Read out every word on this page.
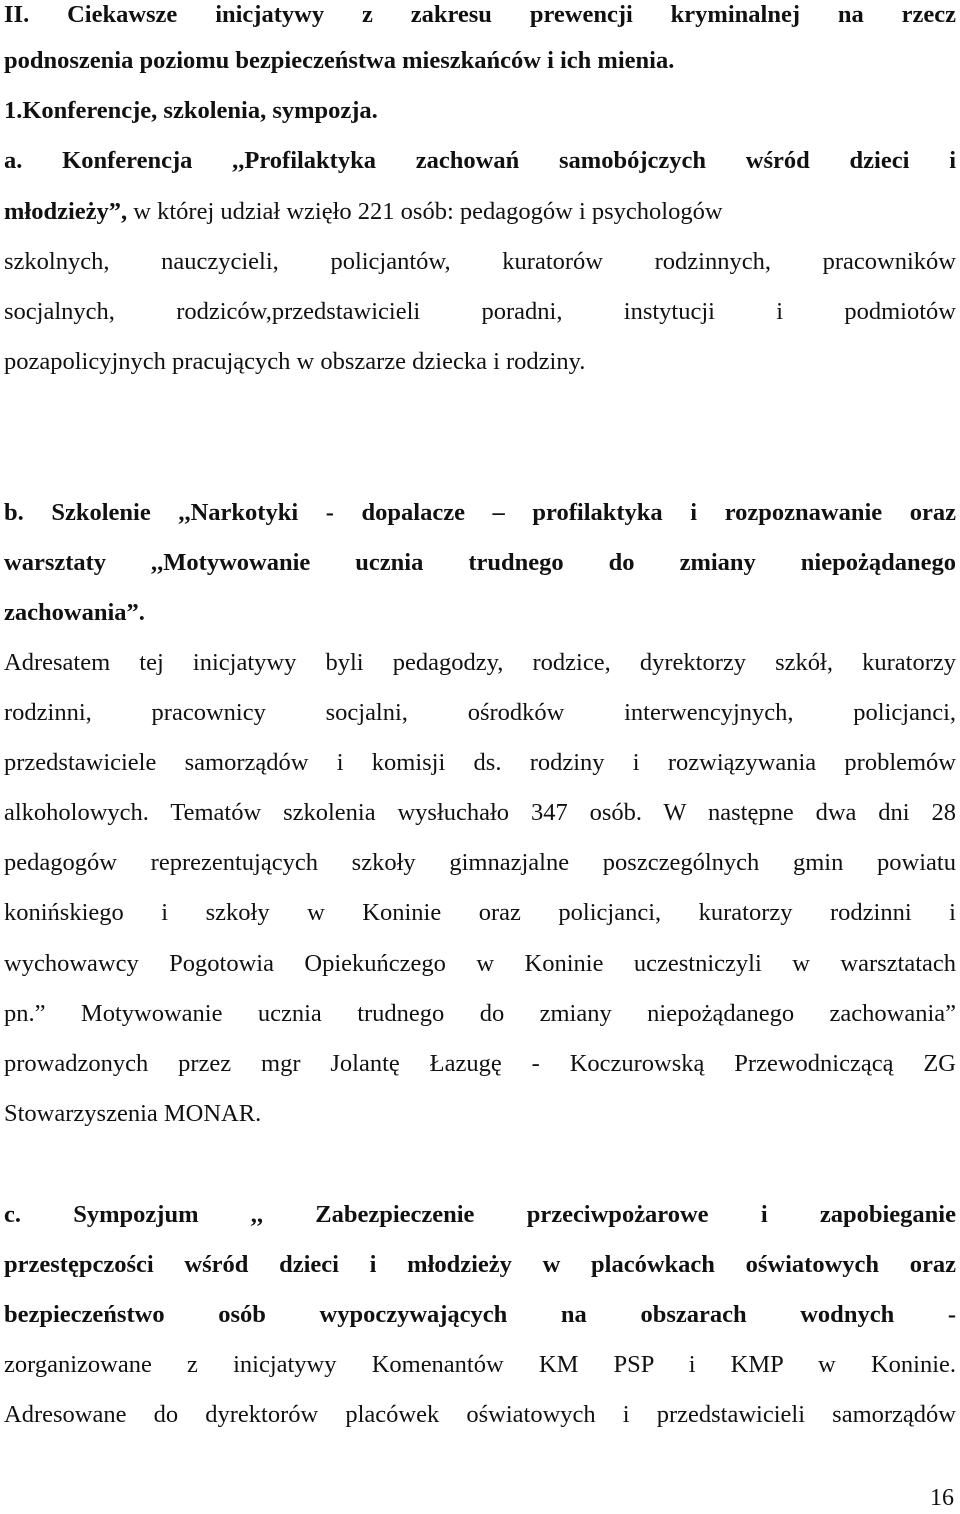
II. Ciekawsze inicjatywy z zakresu prewencji kryminalnej na rzecz
podnoszenia poziomu bezpieczeństwa mieszkańców i ich mienia.
1.Konferencje, szkolenia, sympozja.
a. Konferencja ,,Profilaktyka zachowań samobójczych wśród dzieci i
młodzieży”, w której udział wzięło 221 osób: pedagogów i psychologów
szkolnych, nauczycieli, policjantów, kuratorów rodzinnych, pracowników
socjalnych, rodziców,przedstawicieli poradni, instytucji i podmiotów
pozapolicyjnych pracujących w obszarze dziecka i rodziny.
b. Szkolenie ,,Narkotyki - dopalacze – profilaktyka i rozpoznawanie oraz
warsztaty ,,Motywowanie ucznia trudnego do zmiany niepożądanego
zachowania”.
Adresatem tej inicjatywy byli pedagodzy, rodzice, dyrektorzy szkół, kuratorzy
rodzinni, pracownicy socjalni, ośrodków interwencyjnych, policjanci,
przedstawiciele samorządów i komisji ds. rodziny i rozwiązywania problemów
alkoholowych. Tematów szkolenia wysłuchało 347 osób. W następne dwa dni 28
pedagogów reprezentujących szkoły gimnazjalne poszczególnych gmin powiatu
konińskiego i szkoły w Koninie oraz policjanci, kuratorzy rodzinni i
wychowawcy Pogotowia Opiekuńczego w Koninie uczestniczyli w warsztatach
pn.” Motywowanie ucznia trudnego do zmiany niepożądanego zachowania”
prowadzonych przez mgr Jolantę Łazugę - Koczurowską Przewodniczącą ZG
Stowarzyszenia MONAR.
c. Sympozjum ,, Zabezpieczenie przeciwpożarowe i zapobieganie
przestępczości wśród dzieci i młodzieży w placówkach oświatowych oraz
bezpieczeństwo osób wypoczywających na obszarach wodnych -
zorganizowane z inicjatywy Komenantów KM PSP i KMP w Koninie.
Adresowane do dyrektorów placówek oświatowych i przedstawicieli samorządów
16
